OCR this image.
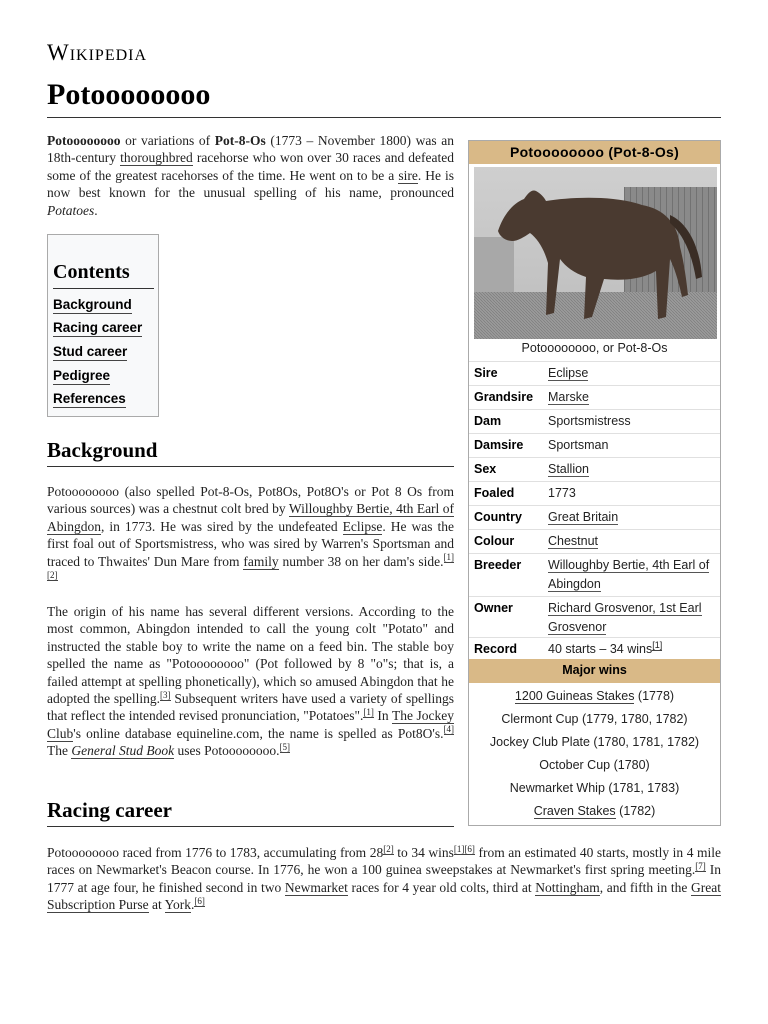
Wikipedia
Potoooooooo

Potoooooooo or variations of Pot-8-Os (1773 – November 1800) was an 18th-century thoroughbred racehorse who won over 30 races and defeated some of the greatest racehorses of the time. He went on to be a sire. He is now best known for the unusual spelling of his name, pronounced Potatoes.

Contents
Background
Racing career
Stud career
Pedigree
References
Background

Potoooooooo (also spelled Pot-8-Os, Pot8Os, Pot8O's or Pot 8 Os from various sources) was a chestnut colt bred by Willoughby Bertie, 4th Earl of Abingdon, in 1773. He was sired by the undefeated Eclipse. He was the first foal out of Sportsmistress, who was sired by Warren's Sportsman and traced to Thwaites' Dun Mare from family number 38 on her dam's side.[1][2]

The origin of his name has several different versions. According to the most common, Abingdon intended to call the young colt "Potato" and instructed the stable boy to write the name on a feed bin. The stable boy spelled the name as "Potoooooooo" (Pot followed by 8 "o"s; that is, a failed attempt at spelling phonetically), which so amused Abingdon that he adopted the spelling.[3] Subsequent writers have used a variety of spellings that reflect the intended revised pronunciation, "Potatoes".[1] In The Jockey Club's online database equineline.com, the name is spelled as Pot8O's.[4] The General Stud Book uses Potoooooooo.[5]

Racing career

Potoooooooo raced from 1776 to 1783, accumulating from 28[2] to 34 wins[1][6] from an estimated 40 starts, mostly in 4 mile races on Newmarket's Beacon course. In 1776, he won a 100 guinea sweepstakes at Newmarket's first spring meeting.[7] In 1777 at age four, he finished second in two Newmarket races for 4 year old colts, third at Nottingham, and fifth in the Great Subscription Purse at York.[6]

Potoooooooo (Pot-8-Os)
Potoooooooo, or Pot-8-Os
Sire	Eclipse
Grandsire Marske
Dam	Sportsmistress
Damsire Sportsman
Sex	Stallion
Foaled	1773
Country Great Britain
Colour	Chestnut
Breeder Willoughby Bertie, 4th Earl of Abingdon
Owner	Richard Grosvenor, 1st Earl Grosvenor
Record 40 starts – 34 wins[1]
Major wins
1200 Guineas Stakes (1778)
Clermont Cup (1779, 1780, 1782)
Jockey Club Plate (1780, 1781, 1782)
October Cup (1780)
Newmarket Whip (1781, 1783)
Craven Stakes (1782)
